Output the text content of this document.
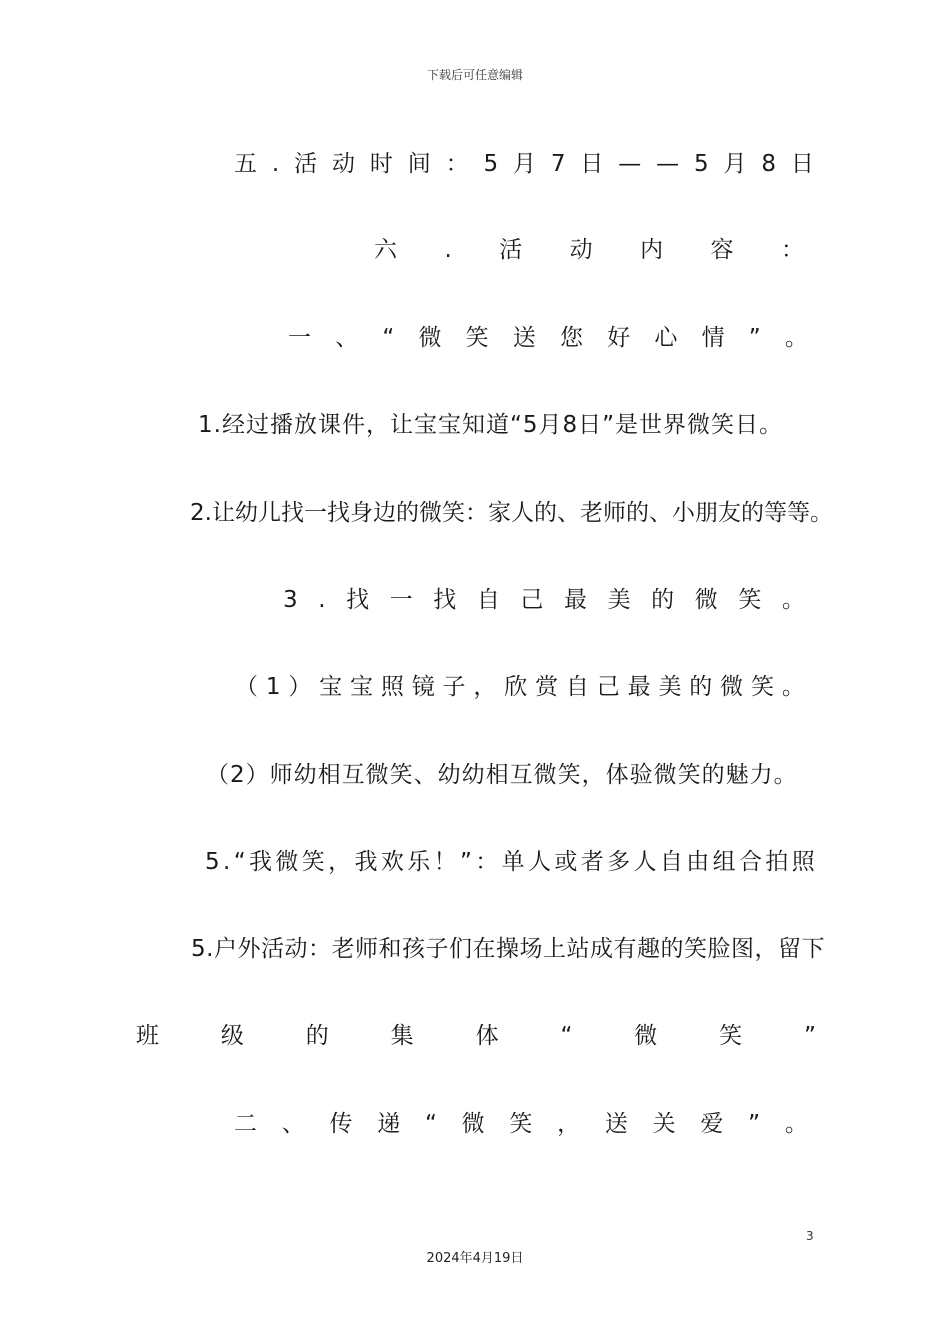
下载后可任意编辑
五 . 活 动 时 间 ： 5 月 7 日 — — 5 月 8 日
六 . 活 动 内 容 ：
一 、 “ 微 笑 送 您 好 心 情 ” 。
1.经过播放课件，让宝宝知道“5月8日”是世界微笑日。
2.让幼儿找一找身边的微笑：家人的、老师的、小朋友的等等。
3 . 找 一 找 自 己 最 美 的 微 笑 。
（ 1 ） 宝 宝 照 镜 子 ， 欣 赏 自 己 最 美 的 微 笑 。
（2）师幼相互微笑、幼幼相互微笑，体验微笑的魅力。
5 . “ 我 微 笑 ， 我 欢 乐 ！ ” ： 单 人 或 者 多 人 自 由 组 合 拍 照
5.户外活动：老师和孩子们在操场上站成有趣的笑脸图，留下
班	级	的	集	体	“	微	笑	”
二 、 传 递 “ 微 笑 ， 送 关 爱 ” 。
3
2024年4月19日
